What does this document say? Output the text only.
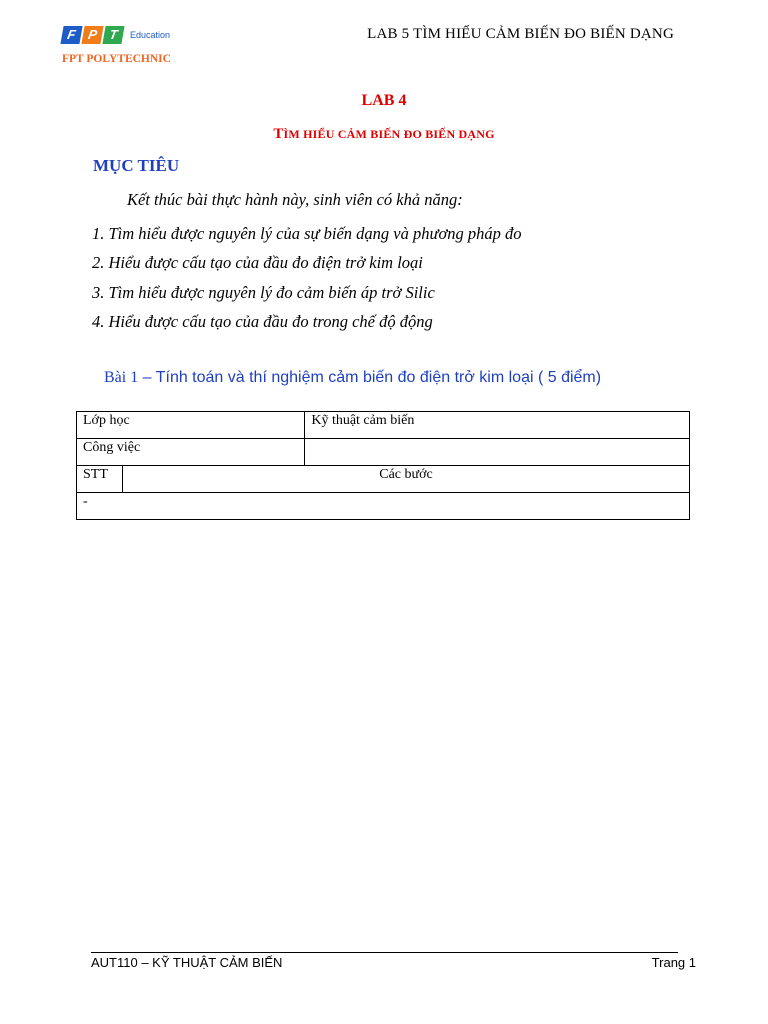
F P T	Education
FPT POLYTECHNIC
LAB 5 TÌM HIỂU CẢM BIẾN ĐO BIẾN DẠNG
LAB 4
TÌM HIỂU CẢM BIẾN ĐO BIẾN DẠNG
MỤC TIÊU
Kết thúc bài thực hành này, sinh viên có khả năng:
1. Tìm hiểu được nguyên lý của sự biến dạng và phương pháp đo
2. Hiểu được cấu tạo của đầu đo điện trở kim loại
3. Tìm hiểu được nguyên lý đo cảm biến áp trở Silic
4. Hiểu được cấu tạo của đầu đo trong chế độ động
Bài 1 – Tính toán và thí nghiệm cảm biến đo điện trở kim loại ( 5 điểm)
Lớp học		Kỹ thuật cảm biến
Công việc		
STT	Các bước	
-		
AUT110 – KỸ THUẬT CẢM BIẾN	Trang 1
